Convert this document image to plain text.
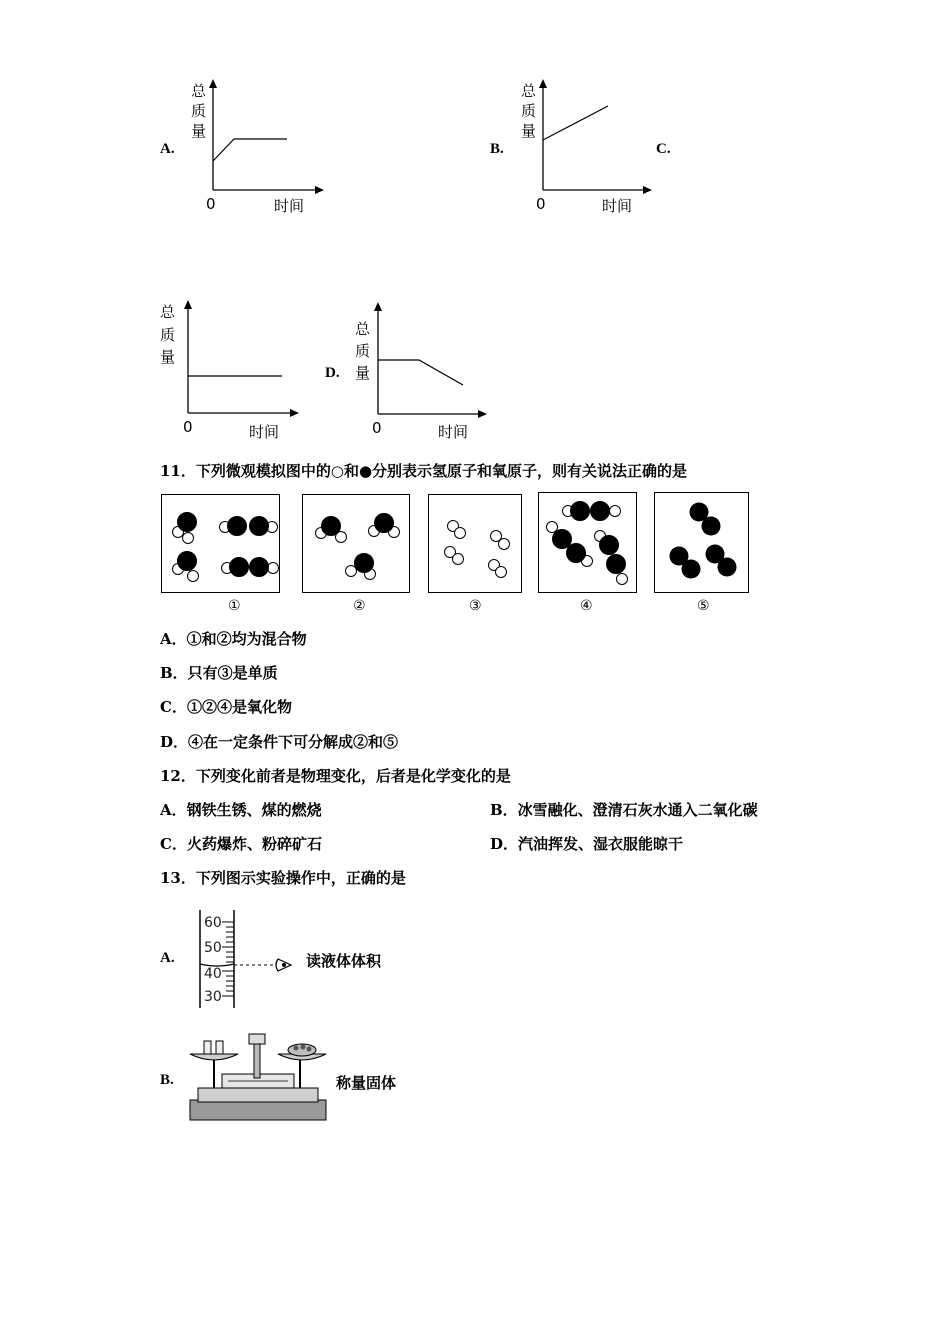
A.
总
质
量
0	时间
B.
总
质
量
0	时间
C.
总
质
量
0	时间
D.
总
质
量
0	时间
11．下列微观模拟图中的○和●分别表示氢原子和氧原子，则有关说法正确的是
①	②	③	④	⑤
A．①和②均为混合物
B．只有③是单质
C．①②④是氧化物
D．④在一定条件下可分解成②和⑤
12．下列变化前者是物理变化，后者是化学变化的是
A．钢铁生锈、煤的燃烧	B．冰雪融化、澄清石灰水通入二氧化碳
C．火药爆炸、粉碎矿石	D．汽油挥发、湿衣服能晾干
13．下列图示实验操作中，正确的是
A.
60
50
40
30
读液体体积
B.	称量固体
